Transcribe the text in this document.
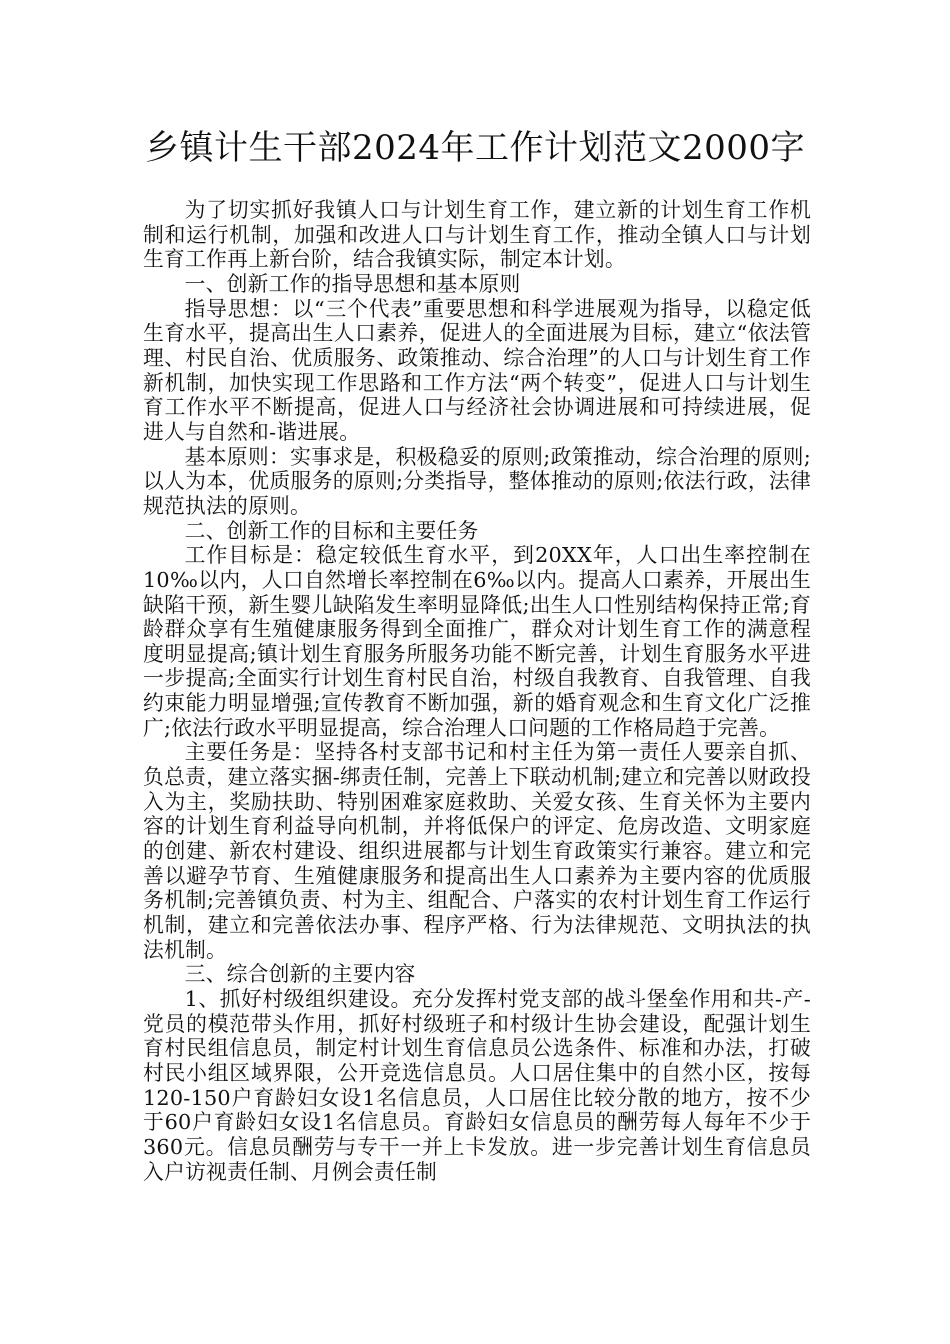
乡镇计生干部2024年工作计划范文2000字

为了切实抓好我镇人口与计划生育工作，建立新的计划生育工作机制和运行机制，加强和改进人口与计划生育工作，推动全镇人口与计划生育工作再上新台阶，结合我镇实际，制定本计划。

一、创新工作的指导思想和基本原则

指导思想：以“三个代表”重要思想和科学进展观为指导，以稳定低生育水平，提高出生人口素养，促进人的全面进展为目标，建立“依法管理、村民自治、优质服务、政策推动、综合治理”的人口与计划生育工作新机制，加快实现工作思路和工作方法“两个转变”，促进人口与计划生育工作水平不断提高，促进人口与经济社会协调进展和可持续进展，促进人与自然和-谐进展。

基本原则：实事求是，积极稳妥的原则;政策推动，综合治理的原则;以人为本，优质服务的原则;分类指导，整体推动的原则;依法行政，法律规范执法的原则。

二、创新工作的目标和主要任务

工作目标是：稳定较低生育水平，到20XX年，人口出生率控制在10‰以内，人口自然增长率控制在6‰以内。提高人口素养，开展出生缺陷干预，新生婴儿缺陷发生率明显降低;出生人口性别结构保持正常;育龄群众享有生殖健康服务得到全面推广，群众对计划生育工作的满意程度明显提高;镇计划生育服务所服务功能不断完善，计划生育服务水平进一步提高;全面实行计划生育村民自治，村级自我教育、自我管理、自我约束能力明显增强;宣传教育不断加强，新的婚育观念和生育文化广泛推广;依法行政水平明显提高，综合治理人口问题的工作格局趋于完善。

主要任务是：坚持各村支部书记和村主任为第一责任人要亲自抓、负总责，建立落实捆-绑责任制，完善上下联动机制;建立和完善以财政投入为主，奖励扶助、特别困难家庭救助、关爱女孩、生育关怀为主要内容的计划生育利益导向机制，并将低保户的评定、危房改造、文明家庭的创建、新农村建设、组织进展都与计划生育政策实行兼容。建立和完善以避孕节育、生殖健康服务和提高出生人口素养为主要内容的优质服务机制;完善镇负责、村为主、组配合、户落实的农村计划生育工作运行机制，建立和完善依法办事、程序严格、行为法律规范、文明执法的执法机制。

三、综合创新的主要内容

1、抓好村级组织建设。充分发挥村党支部的战斗堡垒作用和共-产-党员的模范带头作用，抓好村级班子和村级计生协会建设，配强计划生育村民组信息员，制定村计划生育信息员公选条件、标准和办法，打破村民小组区域界限，公开竞选信息员。人口居住集中的自然小区，按每120-150户育龄妇女设1名信息员，人口居住比较分散的地方，按不少于60户育龄妇女设1名信息员。育龄妇女信息员的酬劳每人每年不少于360元。信息员酬劳与专干一并上卡发放。进一步完善计划生育信息员入户访视责任制、月例会责任制
